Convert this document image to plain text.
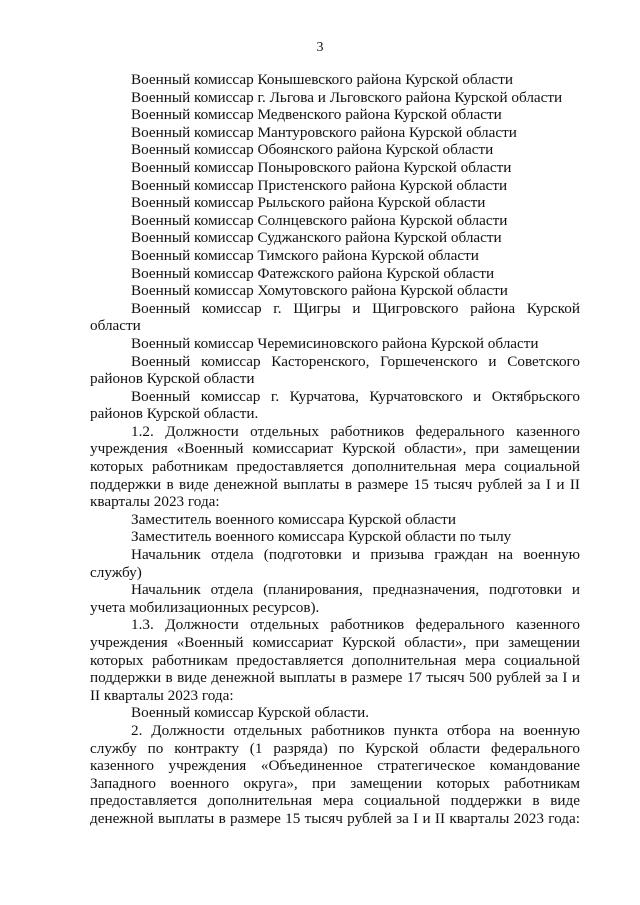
3
Военный комиссар Конышевского района Курской области
Военный комиссар г. Льгова и Льговского района Курской области
Военный комиссар Медвенского района Курской области
Военный комиссар Мантуровского района Курской области
Военный комиссар Обоянского района Курской области
Военный комиссар Поныровского района Курской области
Военный комиссар Пристенского района Курской области
Военный комиссар Рыльского района Курской области
Военный комиссар Солнцевского района Курской области
Военный комиссар Суджанского района Курской области
Военный комиссар Тимского района Курской области
Военный комиссар Фатежского района Курской области
Военный комиссар Хомутовского района Курской области
Военный комиссар г. Щигры и Щигровского района Курской
области
Военный комиссар Черемисиновского района Курской области
Военный комиссар Касторенского, Горшеченского и Советского
районов Курской области
Военный комиссар г. Курчатова, Курчатовского и Октябрьского
районов Курской области.
1.2. Должности отдельных работников федерального казенного
учреждения «Военный комиссариат Курской области», при замещении
которых работникам предоставляется дополнительная мера социальной
поддержки в виде денежной выплаты в размере 15 тысяч рублей за I и II
кварталы 2023 года:
Заместитель военного комиссара Курской области
Заместитель военного комиссара Курской области по тылу
Начальник отдела (подготовки и призыва граждан на военную
службу)
Начальник отдела (планирования, предназначения, подготовки и
учета мобилизационных ресурсов).
1.3. Должности отдельных работников федерального казенного
учреждения «Военный комиссариат Курской области», при замещении
которых работникам предоставляется дополнительная мера социальной
поддержки в виде денежной выплаты в размере 17 тысяч 500 рублей за I и
II кварталы 2023 года:
Военный комиссар Курской области.
2. Должности отдельных работников пункта отбора на военную
службу по контракту (1 разряда) по Курской области федерального
казенного учреждения «Объединенное стратегическое командование
Западного военного округа», при замещении которых работникам
предоставляется дополнительная мера социальной поддержки в виде
денежной выплаты в размере 15 тысяч рублей за I и II кварталы 2023 года:
